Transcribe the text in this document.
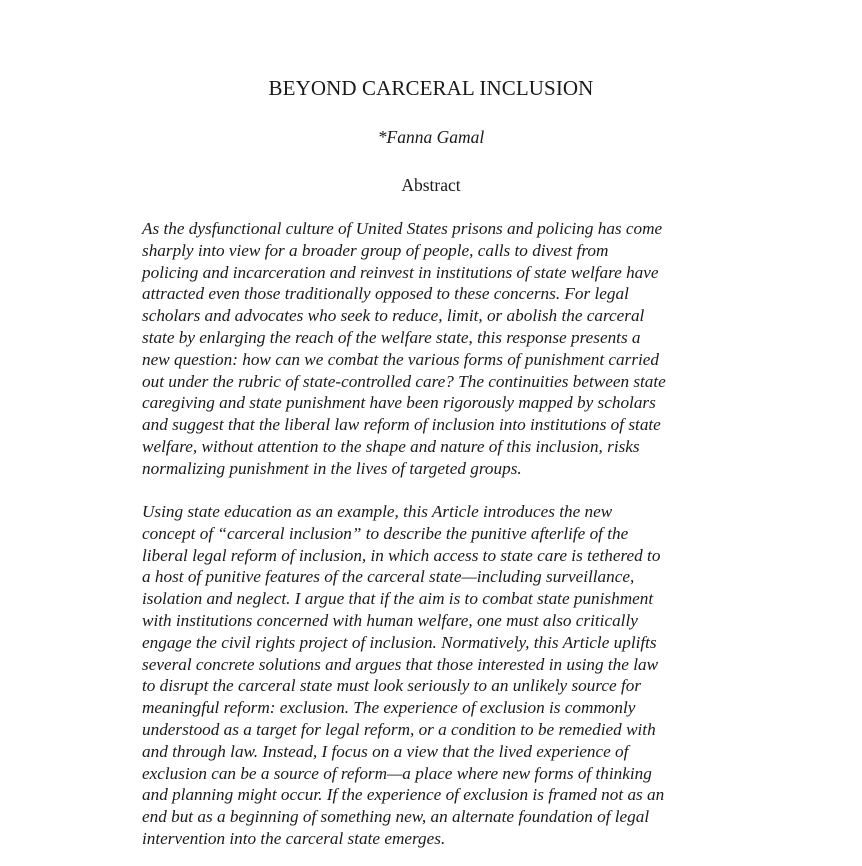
BEYOND CARCERAL INCLUSION
*Fanna Gamal
Abstract

As the dysfunctional culture of United States prisons and policing has come
sharply into view for a broader group of people, calls to divest from
policing and incarceration and reinvest in institutions of state welfare have
attracted even those traditionally opposed to these concerns. For legal
scholars and advocates who seek to reduce, limit, or abolish the carceral
state by enlarging the reach of the welfare state, this response presents a
new question: how can we combat the various forms of punishment carried
out under the rubric of state-controlled care? The continuities between state
caregiving and state punishment have been rigorously mapped by scholars
and suggest that the liberal law reform of inclusion into institutions of state
welfare, without attention to the shape and nature of this inclusion, risks
normalizing punishment in the lives of targeted groups.

Using state education as an example, this Article introduces the new
concept of “carceral inclusion” to describe the punitive afterlife of the
liberal legal reform of inclusion, in which access to state care is tethered to
a host of punitive features of the carceral state—including surveillance,
isolation and neglect. I argue that if the aim is to combat state punishment
with institutions concerned with human welfare, one must also critically
engage the civil rights project of inclusion. Normatively, this Article uplifts
several concrete solutions and argues that those interested in using the law
to disrupt the carceral state must look seriously to an unlikely source for
meaningful reform: exclusion. The experience of exclusion is commonly
understood as a target for legal reform, or a condition to be remedied with
and through law. Instead, I focus on a view that the lived experience of
exclusion can be a source of reform—a place where new forms of thinking
and planning might occur. If the experience of exclusion is framed not as an
end but as a beginning of something new, an alternate foundation of legal
intervention into the carceral state emerges.
